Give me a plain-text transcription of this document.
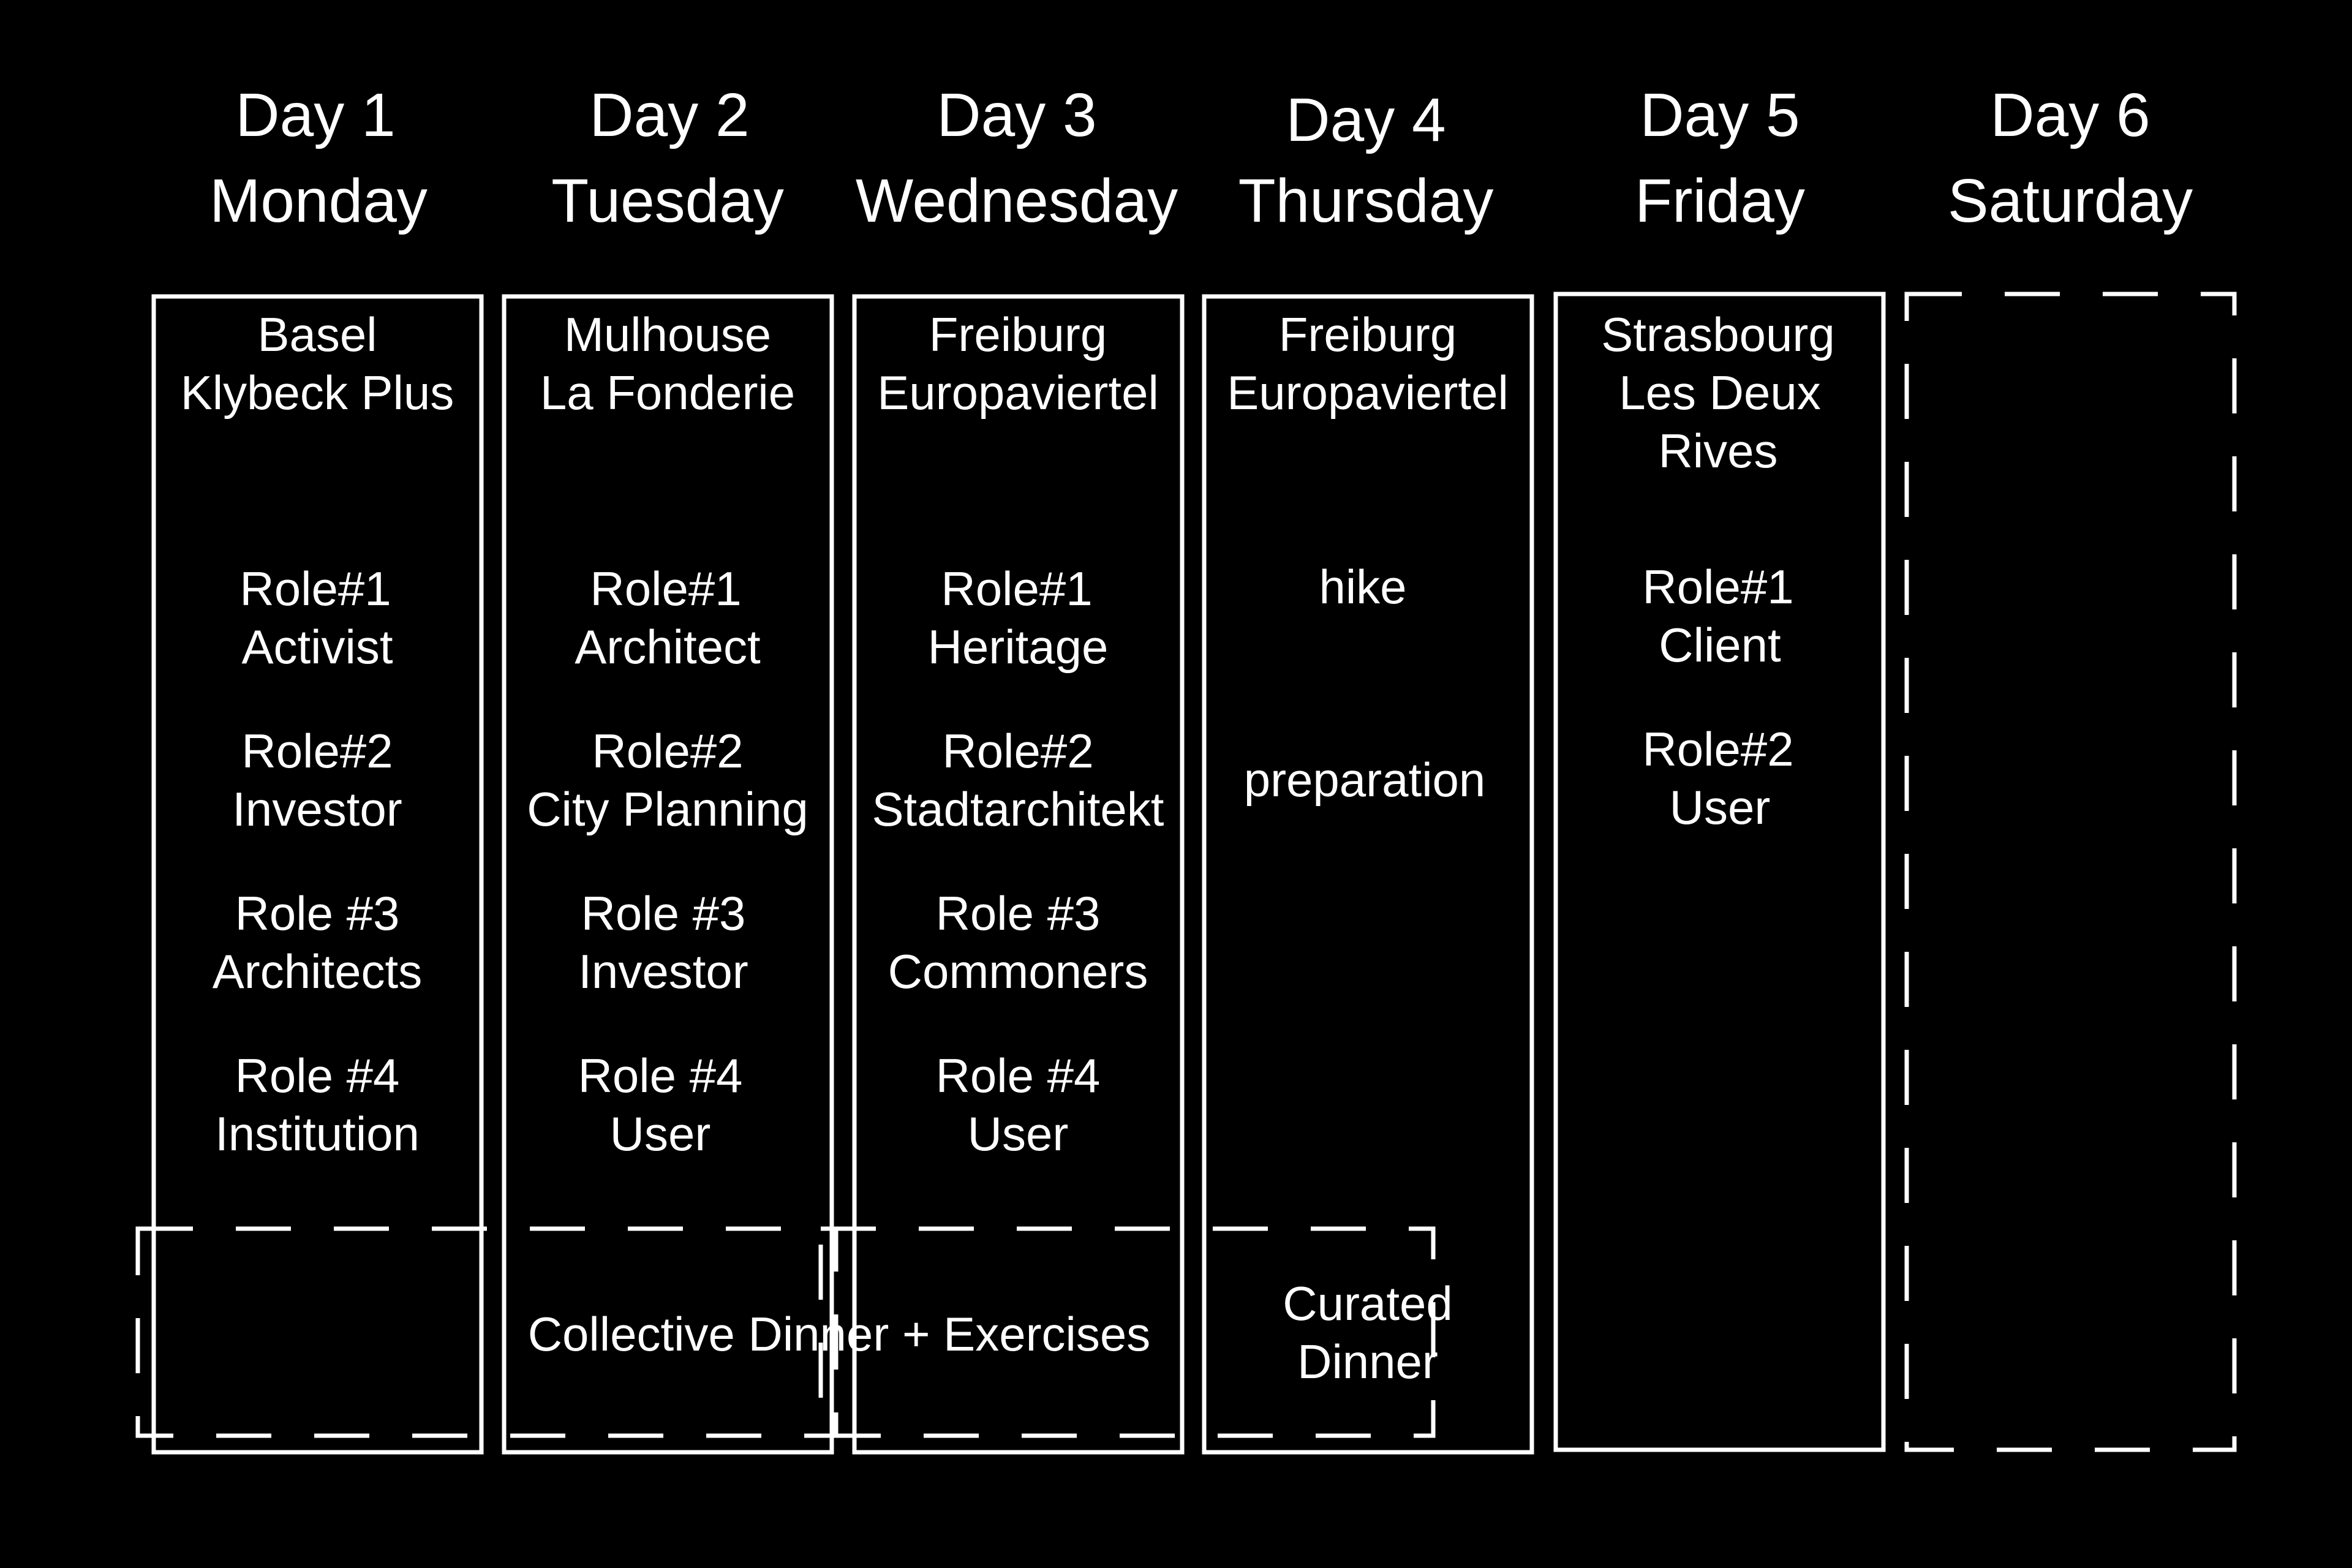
Day 1
Monday
Day 2
Tuesday
Day 3
Wednesday
Day 4
Thursday
Day 5
Friday
Day 6
Saturday
Basel
Klybeck Plus
Role#1
Activist
Role#2
Investor
Role #3
Architects
Role #4
Institution
Mulhouse
La Fonderie
Role#1
Architect
Role#2
City Planning
Role #3
Investor
Role #4
User
Freiburg
Europaviertel
Role#1
Heritage
Role#2
Stadtarchitekt
Role #3
Commoners
Role #4
User
Freiburg
Europaviertel
hike
preparation
Curated
Dinner
Strasbourg
Les Deux
Rives
Role#1
Client
Role#2
User
Collective Dinner + Exercises
